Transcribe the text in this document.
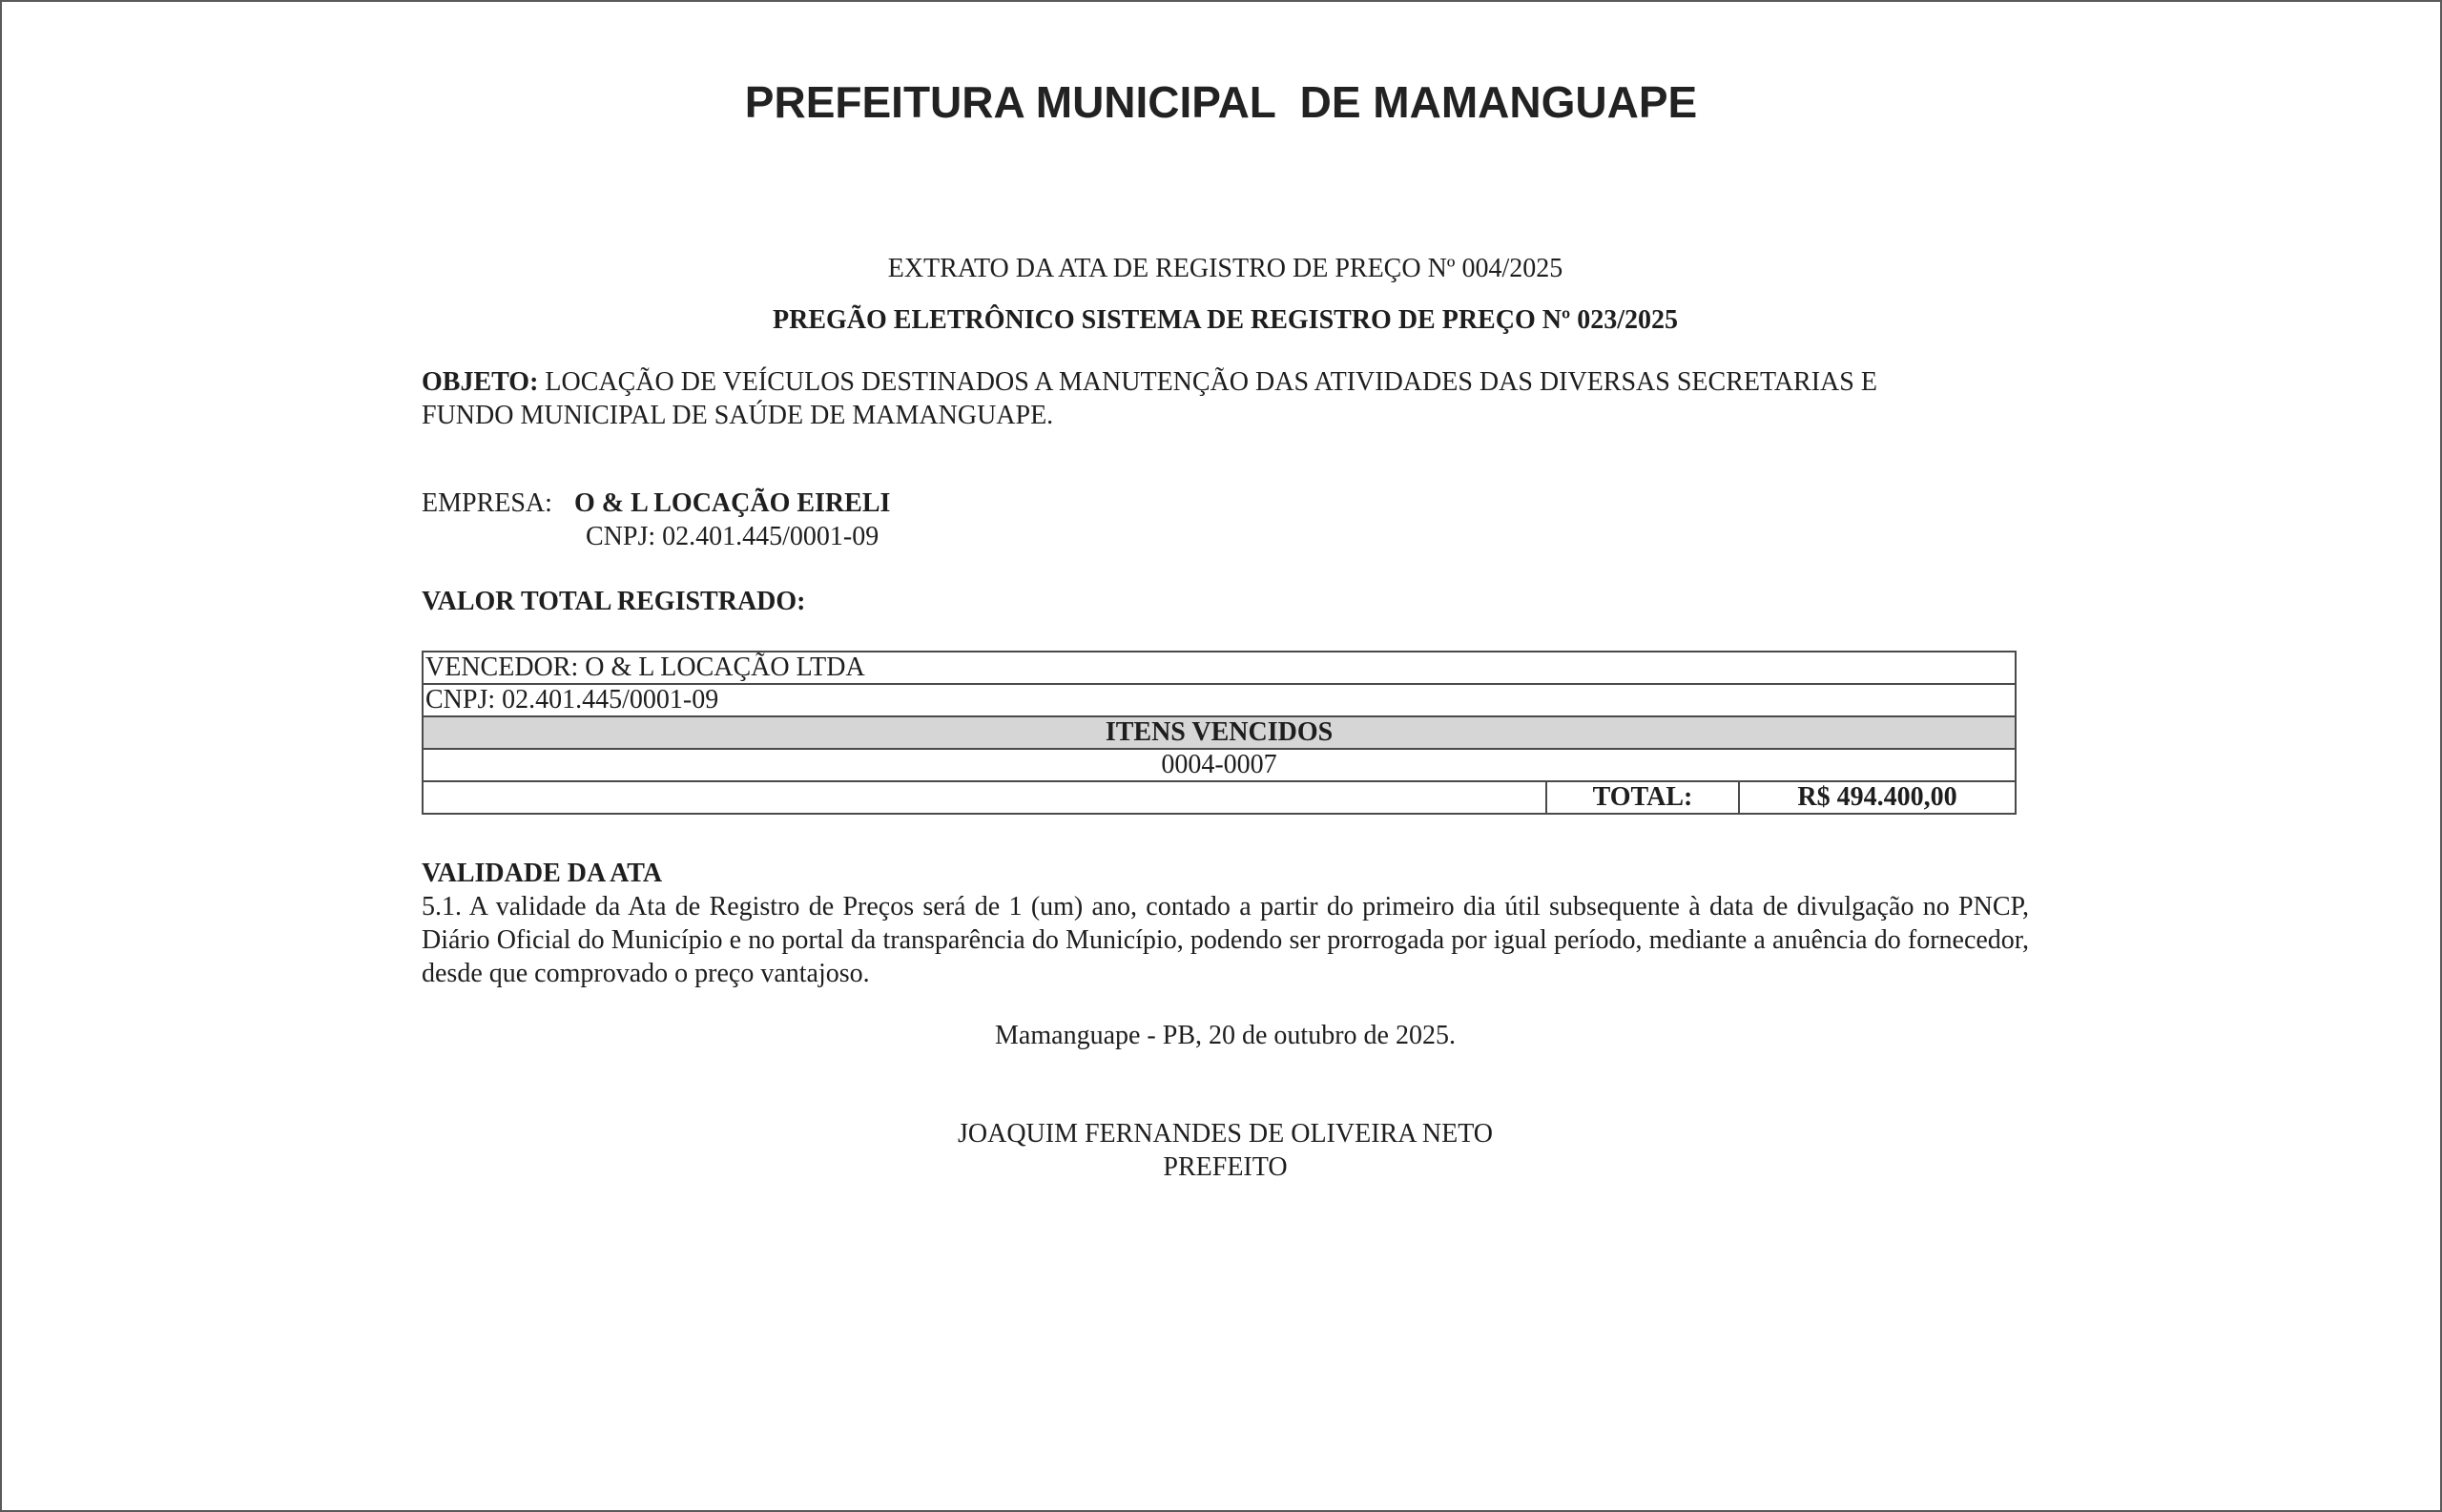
PREFEITURA MUNICIPAL  DE MAMANGUAPE
EXTRATO DA ATA DE REGISTRO DE PREÇO Nº 004/2025
PREGÃO ELETRÔNICO SISTEMA DE REGISTRO DE PREÇO Nº 023/2025
OBJETO: LOCAÇÃO DE VEÍCULOS DESTINADOS A MANUTENÇÃO DAS ATIVIDADES DAS DIVERSAS SECRETARIAS E FUNDO MUNICIPAL DE SAÚDE DE MAMANGUAPE.
EMPRESA: O & L LOCAÇÃO EIRELI
CNPJ: 02.401.445/0001-09
VALOR TOTAL REGISTRADO:
VENCEDOR: O & L LOCAÇÃO LTDA
CNPJ: 02.401.445/0001-09
ITENS VENCIDOS
0004-0007
	TOTAL:	R$ 494.400,00
VALIDADE DA ATA
5.1. A validade da Ata de Registro de Preços será de 1 (um) ano, contado a partir do primeiro dia útil subsequente à data de divulgação no PNCP, Diário Oficial do Município e no portal da transparência do Município, podendo ser prorrogada por igual período, mediante a anuência do fornecedor, desde que comprovado o preço vantajoso.
Mamanguape - PB, 20 de outubro de 2025.
JOAQUIM FERNANDES DE OLIVEIRA NETO
PREFEITO
